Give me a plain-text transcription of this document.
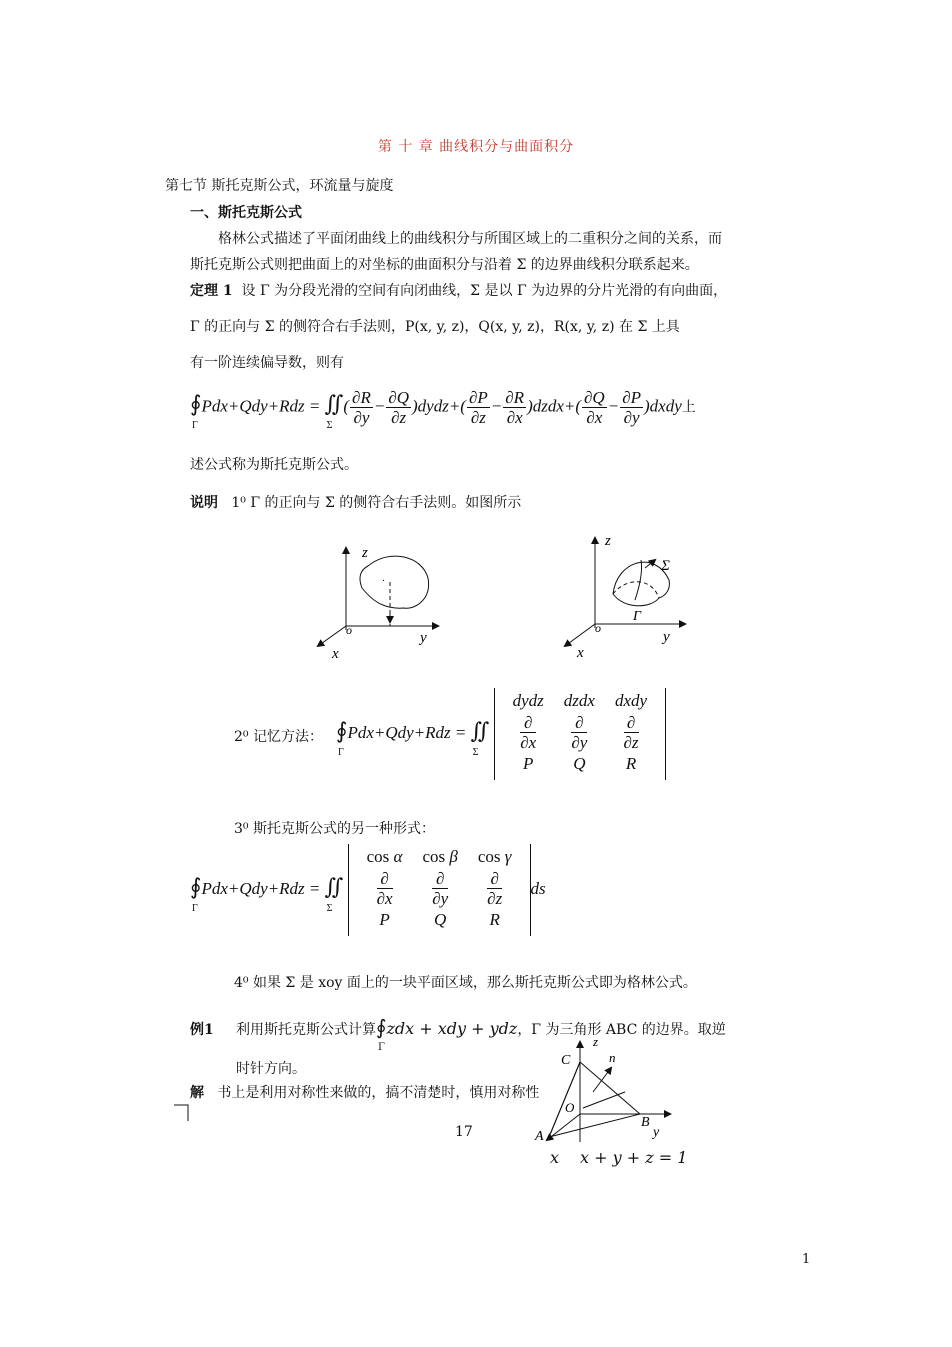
第 十 章 曲线积分与曲面积分
第七节 斯托克斯公式，环流量与旋度
一、斯托克斯公式
格林公式描述了平面闭曲线上的曲线积分与所围区域上的二重积分之间的关系，而
斯托克斯公式则把曲面上的对坐标的曲面积分与沿着 Σ 的边界曲线积分联系起来。
定理 1 设 Γ 为分段光滑的空间有向闭曲线，Σ 是以 Γ 为边界的分片光滑的有向曲面，
Γ 的正向与 Σ 的侧符合右手法则，P(x, y, z)，Q(x, y, z)，R(x, y, z) 在 Σ 上具
有一阶连续偏导数，则有
∮
Γ
Pdx+Qdy+Rdz = ∬
Σ
( $\frac{\partial R}{\partial y} - \frac{\partial Q}{\partial z}$ )dydz+( $\frac{\partial P}{\partial z} - \frac{\partial R}{\partial x}$ )dzdx+( $\frac{\partial Q}{\partial x} - \frac{\partial P}{\partial y}$ )dxdy上
述公式称为斯托克斯公式。
说明 1⁰ Γ 的正向与 Σ 的侧符合右手法则。如图所示
z
y
x
o
·
z
y
x
o
Σ
Γ
2⁰ 记忆方法： ∮
Γ
Pdx+Qdy+Rdz = ∬
Σ

dydz	dzdx	dxdy

$\frac{\partial}{\partial x}$	$\frac{\partial}{\partial y}$	$\frac{\partial}{\partial z}$

P	Q	R
3⁰ 斯托克斯公式的另一种形式：
∮
Γ
Pdx+Qdy+Rdz = ∬
Σ

cos α	cos β	cos γ

$\frac{\partial}{\partial x}$	$\frac{\partial}{\partial y}$	$\frac{\partial}{\partial z}$

P	Q	R
ds
4⁰ 如果 Σ 是 xoy 面上的一块平面区域，那么斯托克斯公式即为格林公式。
例1 利用斯托克斯公式计算∮
Γ
zdx + xdy + ydz，Γ 为三角形 ABC 的边界。取逆
时针方向。
解 书上是利用对称性来做的，搞不清楚时，慎用对称性
C
z
n⃗
O
B
y
A
x x + y + z = 1
17
1
